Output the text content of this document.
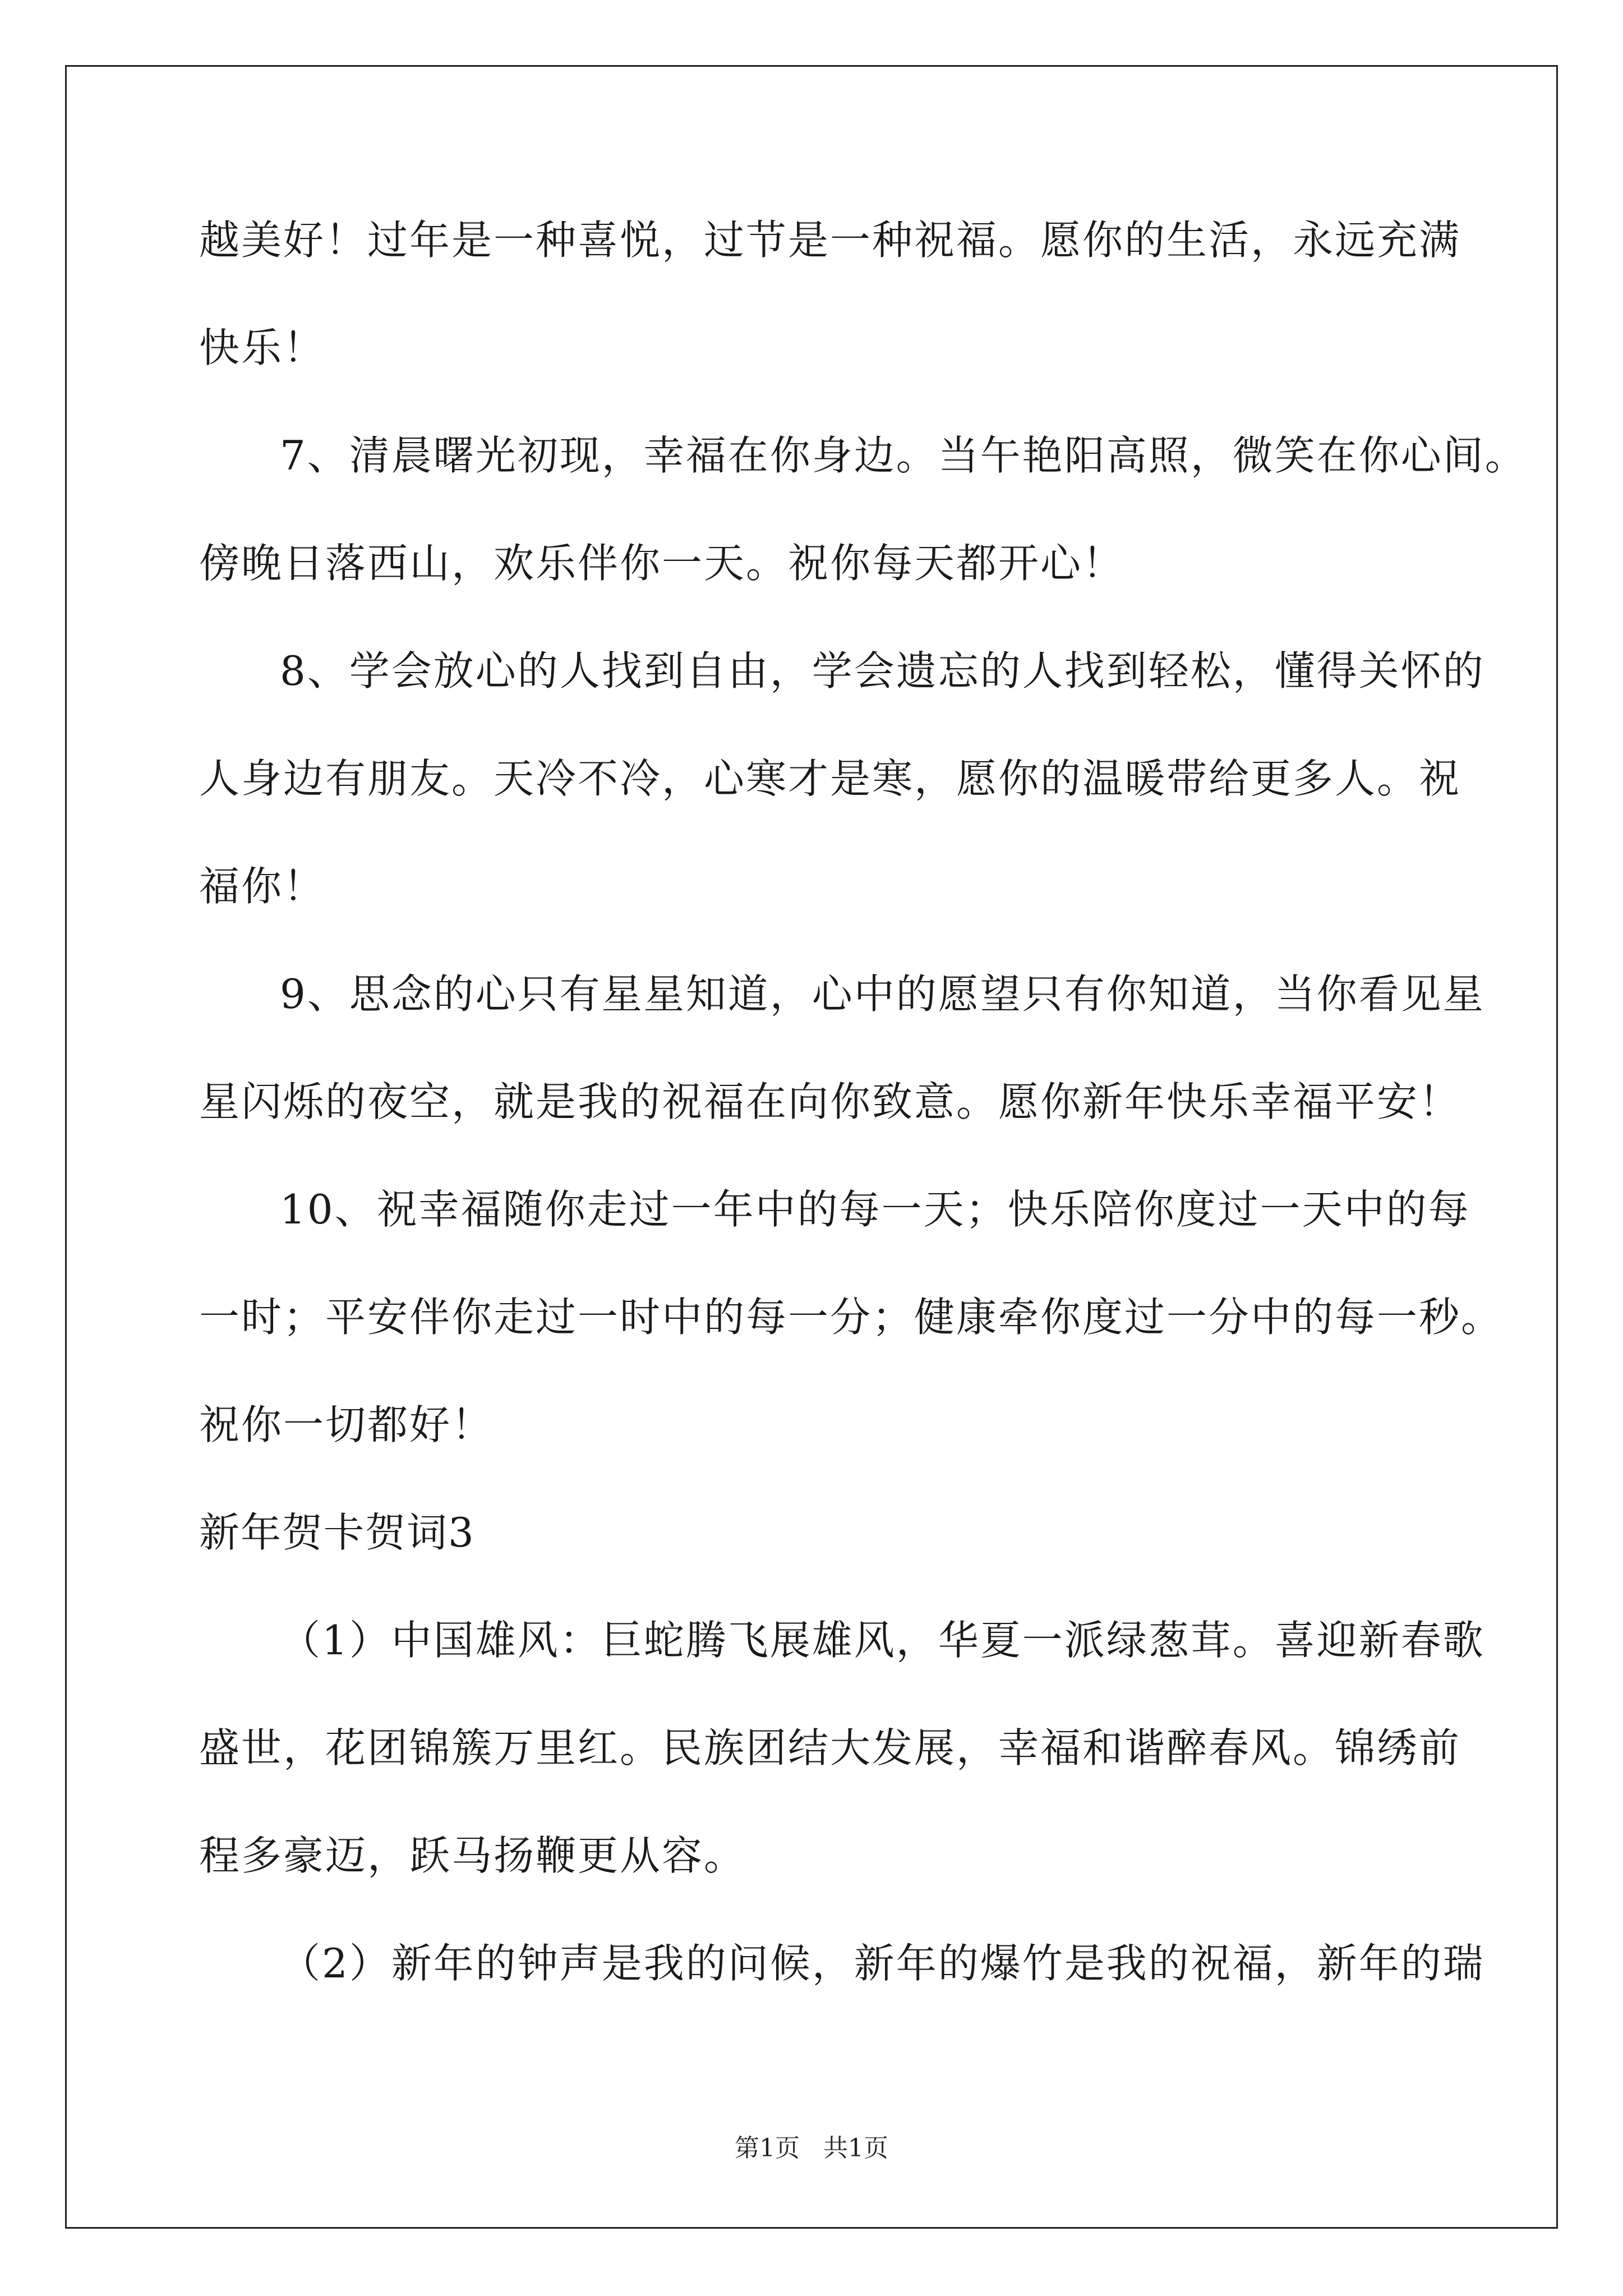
越美好！过年是一种喜悦，过节是一种祝福。愿你的生活，永远充满
快乐！
7、清晨曙光初现，幸福在你身边。当午艳阳高照，微笑在你心间。
傍晚日落西山，欢乐伴你一天。祝你每天都开心！
8、学会放心的人找到自由，学会遗忘的人找到轻松，懂得关怀的
人身边有朋友。天冷不冷，心寒才是寒，愿你的温暖带给更多人。祝
福你！
9、思念的心只有星星知道，心中的愿望只有你知道，当你看见星
星闪烁的夜空，就是我的祝福在向你致意。愿你新年快乐幸福平安！
10、祝幸福随你走过一年中的每一天；快乐陪你度过一天中的每
一时；平安伴你走过一时中的每一分；健康牵你度过一分中的每一秒。
祝你一切都好！
新年贺卡贺词3
（1）中国雄风：巨蛇腾飞展雄风，华夏一派绿葱茸。喜迎新春歌
盛世，花团锦簇万里红。民族团结大发展，幸福和谐醉春风。锦绣前
程多豪迈，跃马扬鞭更从容。
（2）新年的钟声是我的问候，新年的爆竹是我的祝福，新年的瑞
第1页   共1页
